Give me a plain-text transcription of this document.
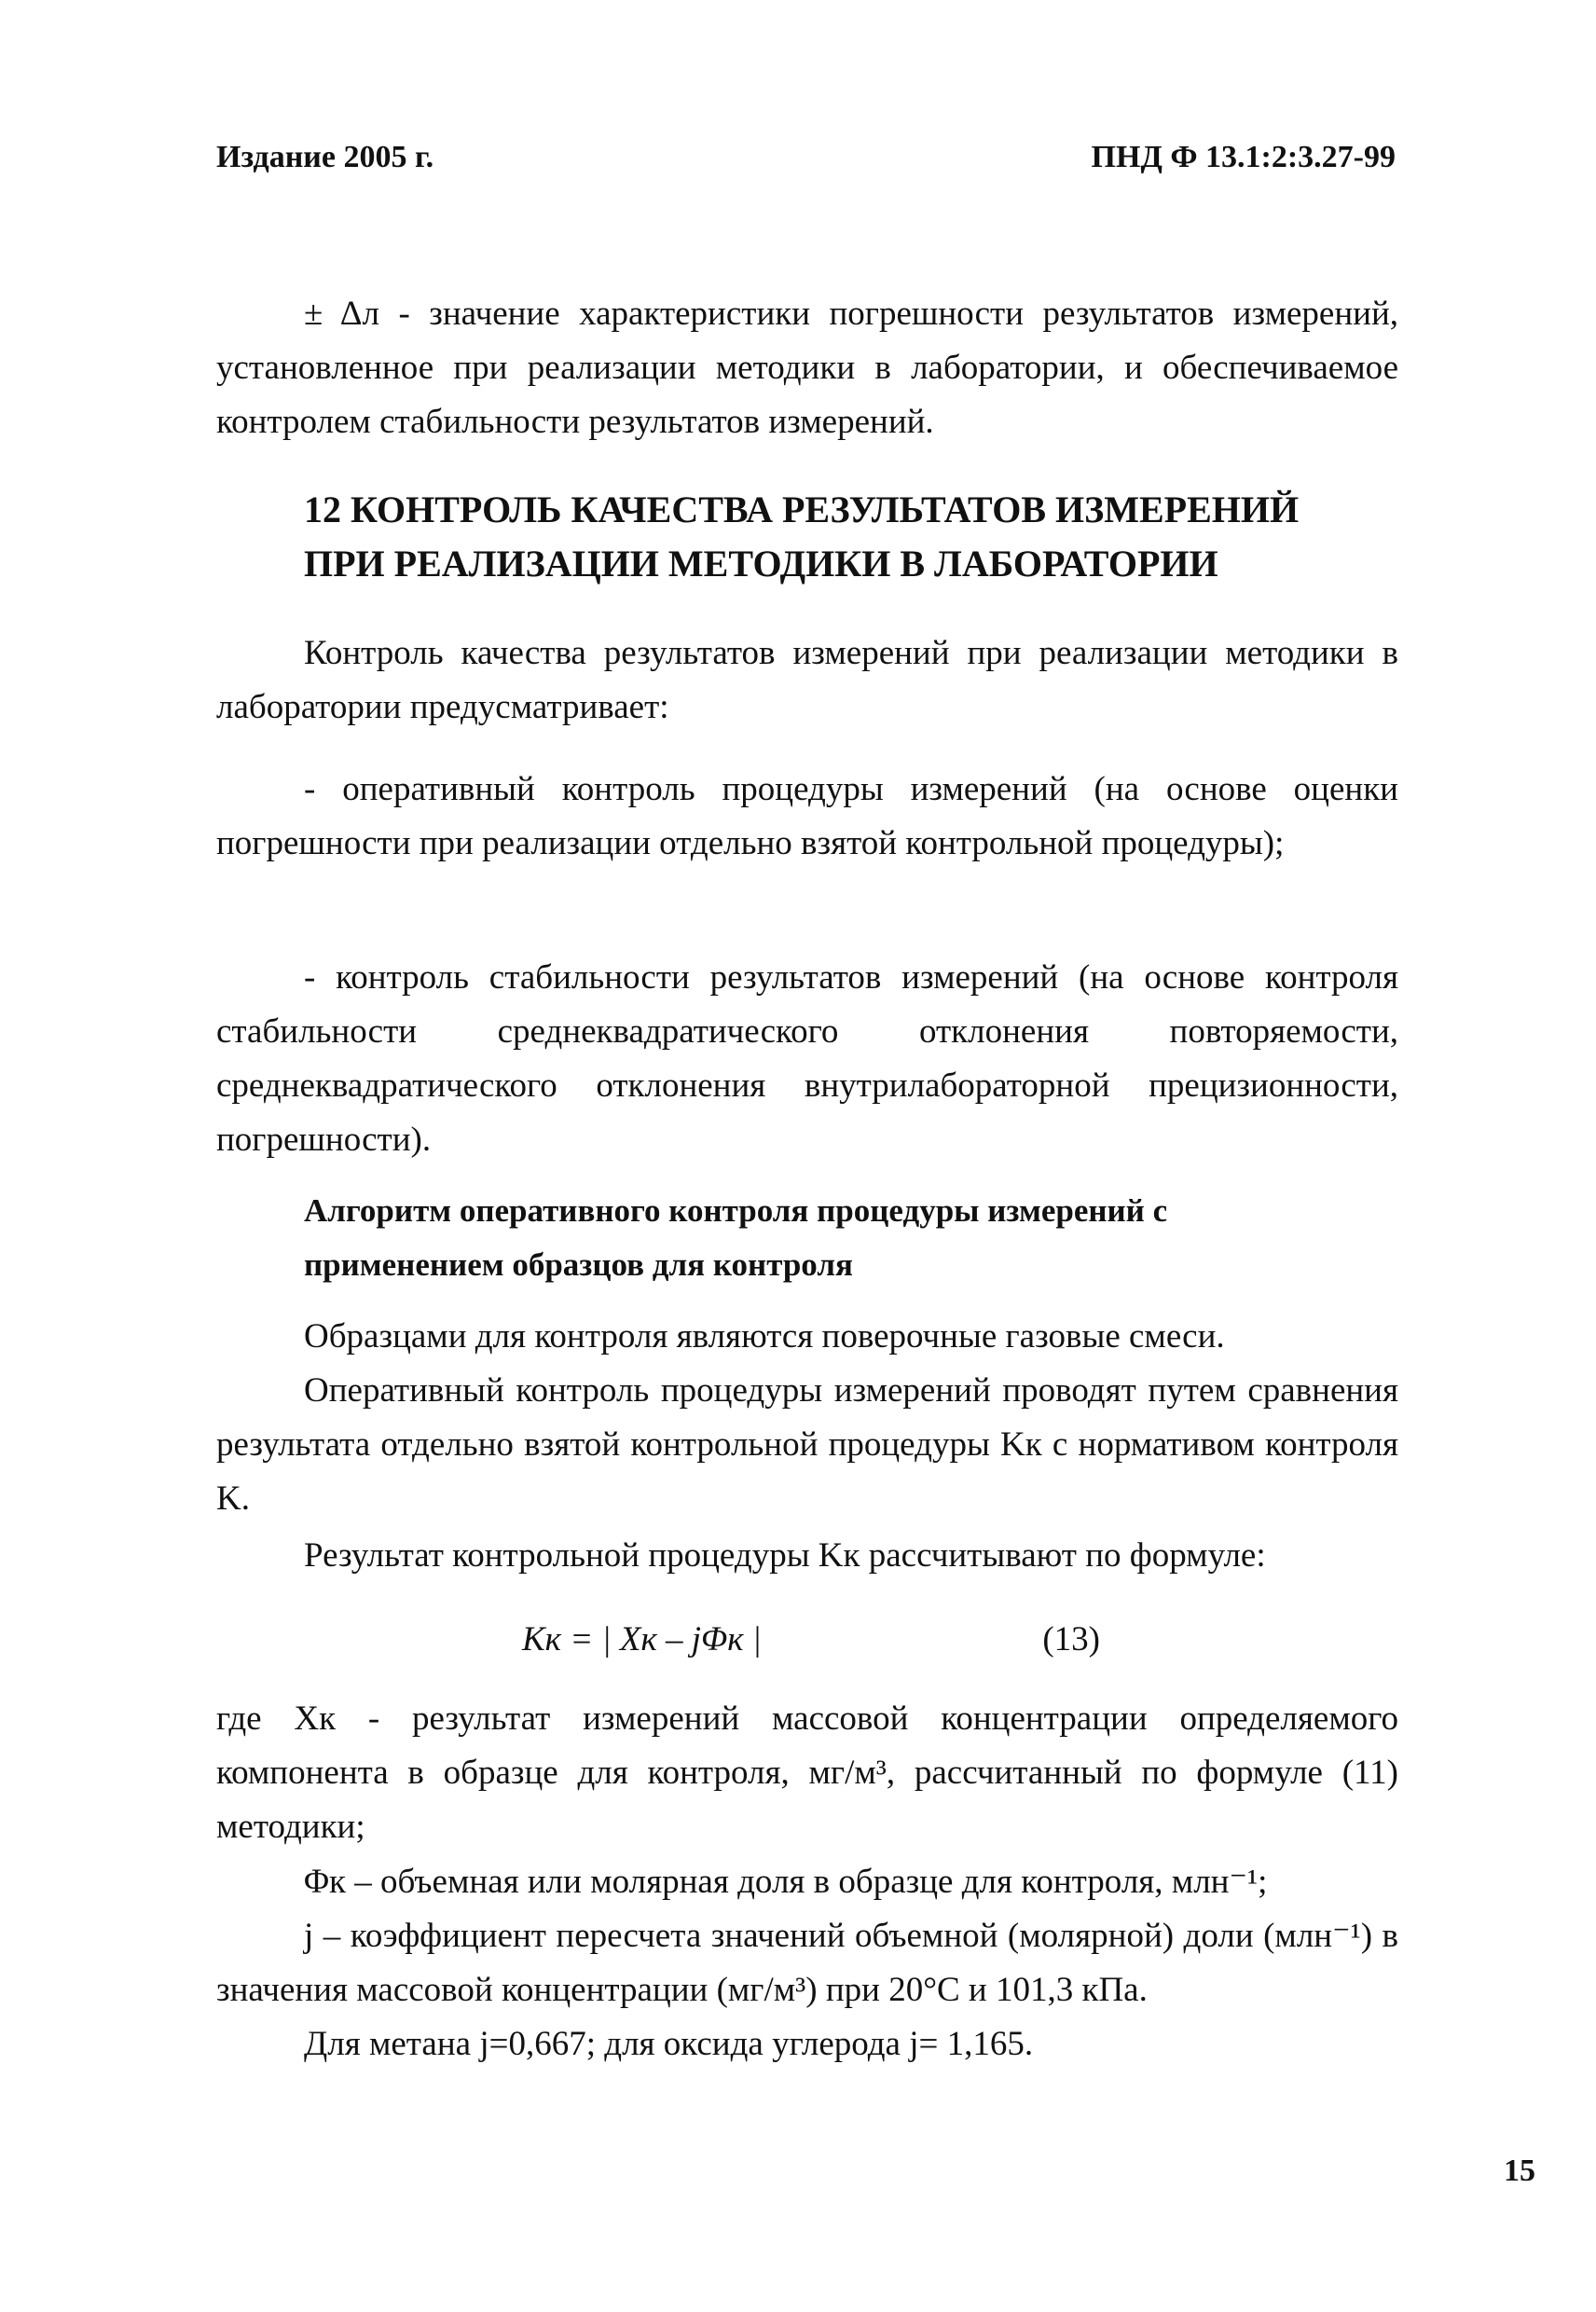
Издание 2005 г.	ПНД Ф 13.1:2:3.27-99
± Δл - значение характеристики погрешности результатов измерений, установленное при реализации методики в лаборатории, и обеспечиваемое контролем стабильности результатов измерений.
12 КОНТРОЛЬ КАЧЕСТВА РЕЗУЛЬТАТОВ ИЗМЕРЕНИЙ
ПРИ РЕАЛИЗАЦИИ МЕТОДИКИ В ЛАБОРАТОРИИ
Контроль качества результатов измерений при реализации методики в лаборатории предусматривает:
- оперативный контроль процедуры измерений (на основе оценки погрешности при реализации отдельно взятой контрольной процедуры);
- контроль стабильности результатов измерений (на основе контроля стабильности среднеквадратического отклонения повторяемости, среднеквадратического отклонения внутрилабораторной прецизионности, погрешности).
Алгоритм оперативного контроля процедуры измерений с
применением образцов для контроля
Образцами для контроля являются поверочные газовые смеси.
Оперативный контроль процедуры измерений проводят путем сравнения результата отдельно взятой контрольной процедуры Kк с нормативом контроля K.
Результат контрольной процедуры Kк рассчитывают по формуле:
Kк = | Xк – jΦк |	(13)
где Xк - результат измерений массовой концентрации определяемого компонента в образце для контроля, мг/м³, рассчитанный по формуле (11) методики;
Φк – объемная или молярная доля в образце для контроля, млн⁻¹;
j – коэффициент пересчета значений объемной (молярной) доли (млн⁻¹) в значения массовой концентрации (мг/м³) при 20°С и 101,3 кПа.
Для метана j=0,667; для оксида углерода j= 1,165.
15
